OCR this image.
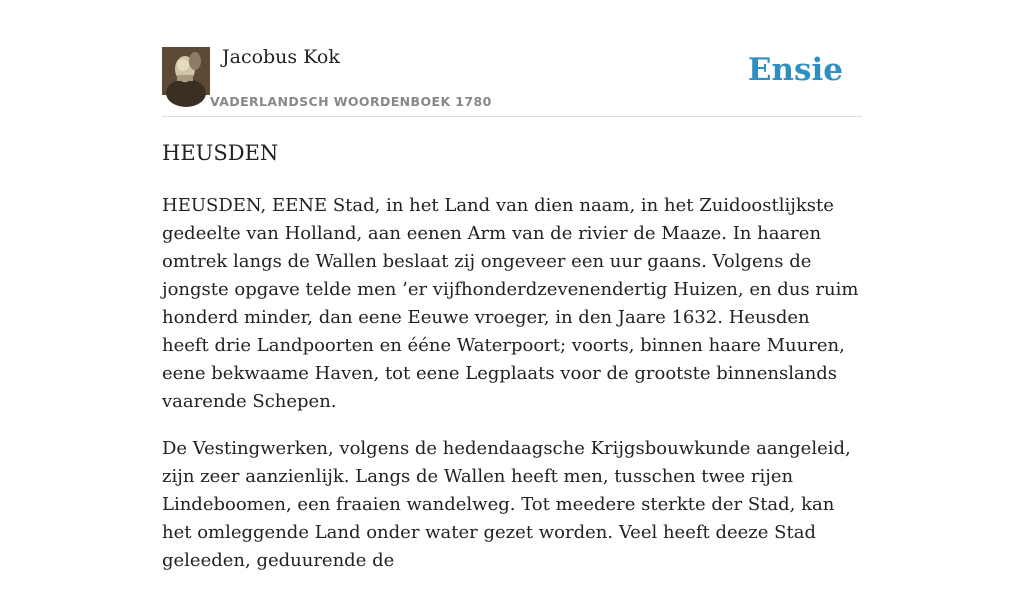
Jacobus Kok
VADERLANDSCH WOORDENBOEK 1780
Ensie
HEUSDEN

HEUSDEN, EENE Stad, in het Land van dien naam, in het Zuidoostlijkste gedeelte van Holland, aan eenen Arm van de rivier de Maaze. In haaren omtrek langs de Wallen beslaat zij ongeveer een uur gaans. Volgens de jongste opgave telde men ’er vijfhonderdzevenendertig Huizen, en dus ruim honderd minder, dan eene Eeuwe vroeger, in den Jaare 1632. Heusden heeft drie Landpoorten en ééne Waterpoort; voorts, binnen haare Muuren, eene bekwaame Haven, tot eene Legplaats voor de grootste binnenslands vaarende Schepen.

De Vestingwerken, volgens de hedendaagsche Krijgsbouwkunde aangeleid, zijn zeer aanzienlijk. Langs de Wallen heeft men, tusschen twee rijen Lindeboomen, een fraaien wandelweg. Tot meedere sterkte der Stad, kan het omleggende Land onder water gezet worden. Veel heeft deeze Stad geleeden, geduurende de
